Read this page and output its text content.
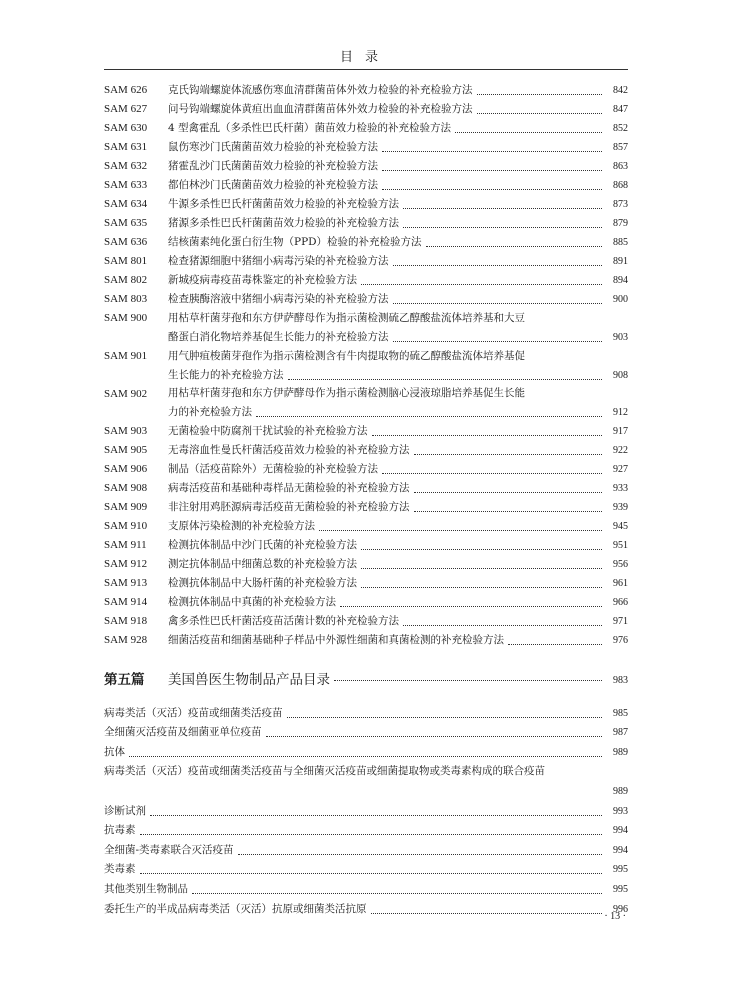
目录
SAM 626	克氏钩端螺旋体流感伤寒血清群菌苗体外效力检验的补充检验方法	842
SAM 627	问号钩端螺旋体黄疸出血血清群菌苗体外效力检验的补充检验方法	847
SAM 630	4 型禽霍乱（多杀性巴氏杆菌）菌苗效力检验的补充检验方法	852
SAM 631	鼠伤寒沙门氏菌菌苗效力检验的补充检验方法	857
SAM 632	猪霍乱沙门氏菌菌苗效力检验的补充检验方法	863
SAM 633	都伯林沙门氏菌菌苗效力检验的补充检验方法	868
SAM 634	牛源多杀性巴氏杆菌菌苗效力检验的补充检验方法	873
SAM 635	猪源多杀性巴氏杆菌菌苗效力检验的补充检验方法	879
SAM 636	结核菌素纯化蛋白衍生物（PPD）检验的补充检验方法	885
SAM 801	检查猪源细胞中猪细小病毒污染的补充检验方法	891
SAM 802	新城疫病毒疫苗毒株鉴定的补充检验方法	894
SAM 803	检查胰酶溶液中猪细小病毒污染的补充检验方法	900
SAM 900	用枯草杆菌芽孢和东方伊萨酵母作为指示菌检测硫乙醇酸盐流体培养基和大豆
酪蛋白消化物培养基促生长能力的补充检验方法	903
SAM 901	用气肿疽梭菌芽孢作为指示菌检测含有牛肉提取物的硫乙醇酸盐流体培养基促
生长能力的补充检验方法	908
SAM 902	用枯草杆菌芽孢和东方伊萨酵母作为指示菌检测脑心浸液琼脂培养基促生长能
力的补充检验方法	912
SAM 903	无菌检验中防腐剂干扰试验的补充检验方法	917
SAM 905	无毒溶血性曼氏杆菌活疫苗效力检验的补充检验方法	922
SAM 906	制品（活疫苗除外）无菌检验的补充检验方法	927
SAM 908	病毒活疫苗和基础种毒样品无菌检验的补充检验方法	933
SAM 909	非注射用鸡胚源病毒活疫苗无菌检验的补充检验方法	939
SAM 910	支原体污染检测的补充检验方法	945
SAM 911	检测抗体制品中沙门氏菌的补充检验方法	951
SAM 912	测定抗体制品中细菌总数的补充检验方法	956
SAM 913	检测抗体制品中大肠杆菌的补充检验方法	961
SAM 914	检测抗体制品中真菌的补充检验方法	966
SAM 918	禽多杀性巴氏杆菌活疫苗活菌计数的补充检验方法	971
SAM 928	细菌活疫苗和细菌基础种子样品中外源性细菌和真菌检测的补充检验方法	976
第五篇	美国兽医生物制品产品目录	983
病毒类活（灭活）疫苗或细菌类活疫苗	985
全细菌灭活疫苗及细菌亚单位疫苗	987
抗体	989
病毒类活（灭活）疫苗或细菌类活疫苗与全细菌灭活疫苗或细菌提取物或类毒素构成的联合疫苗
989
诊断试剂	993
抗毒素	994
全细菌-类毒素联合灭活疫苗	994
类毒素	995
其他类别生物制品	995
委托生产的半成品病毒类活（灭活）抗原或细菌类活抗原	996
· 13 ·
